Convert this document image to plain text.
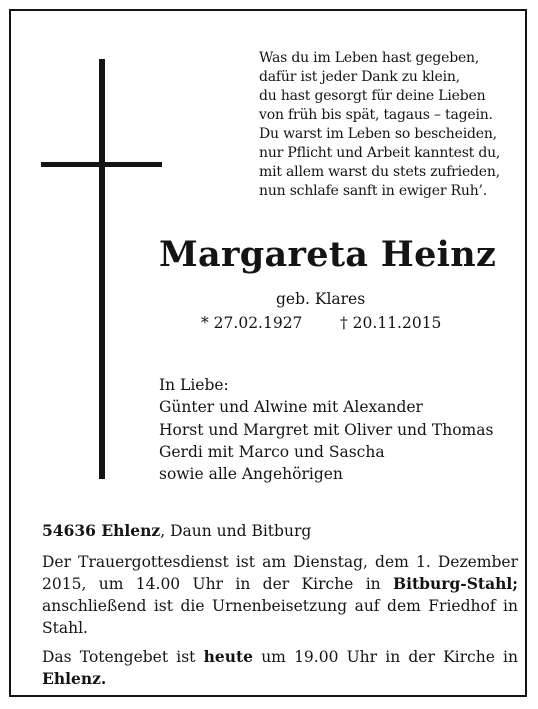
Was du im Leben hast gegeben,
dafür ist jeder Dank zu klein,
du hast gesorgt für deine Lieben
von früh bis spät, tagaus – tagein.
Du warst im Leben so bescheiden,
nur Pflicht und Arbeit kanntest du,
mit allem warst du stets zufrieden,
nun schlafe sanft in ewiger Ruh’.
Margareta Heinz
geb. Klares
* 27.02.1927 † 20.11.2015
In Liebe:
Günter und Alwine mit Alexander
Horst und Margret mit Oliver und Thomas
Gerdi mit Marco und Sascha
sowie alle Angehörigen

54636 Ehlenz, Daun und Bitburg

Der Trauergottesdienst ist am Dienstag, dem 1. Dezember 2015, um 14.00 Uhr in der Kirche in Bitburg-Stahl; anschließend ist die Urnenbeisetzung auf dem Friedhof in Stahl.

Das Totengebet ist heute um 19.00 Uhr in der Kirche in Ehlenz.
